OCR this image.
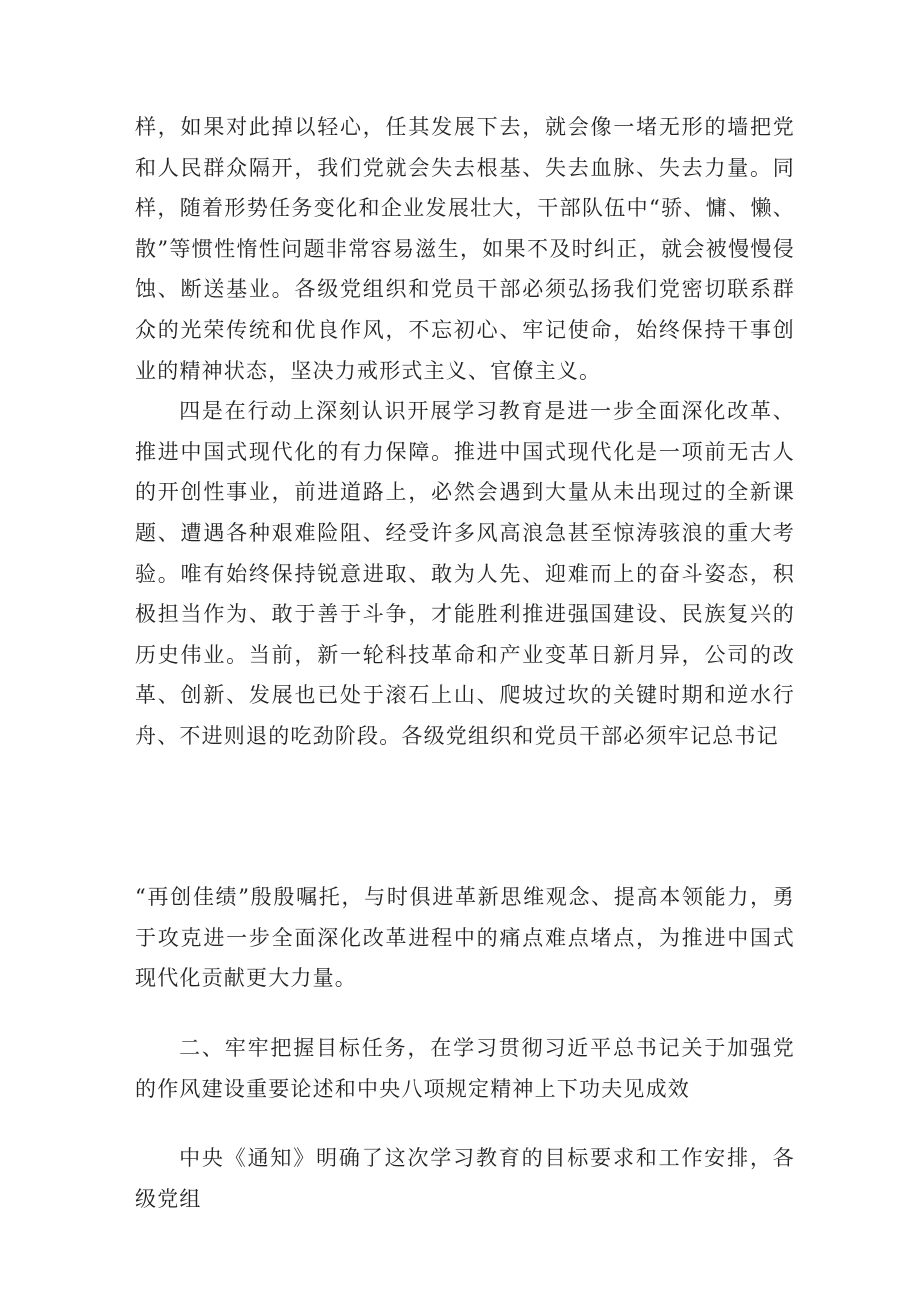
样，如果对此掉以轻心，任其发展下去，就会像一堵无形的墙把党和人民群众隔开，我们党就会失去根基、失去血脉、失去力量。同样，随着形势任务变化和企业发展壮大，干部队伍中“骄、慵、懒、散”等惯性惰性问题非常容易滋生，如果不及时纠正，就会被慢慢侵蚀、断送基业。各级党组织和党员干部必须弘扬我们党密切联系群众的光荣传统和优良作风，不忘初心、牢记使命，始终保持干事创业的精神状态，坚决力戒形式主义、官僚主义。

四是在行动上深刻认识开展学习教育是进一步全面深化改革、推进中国式现代化的有力保障。推进中国式现代化是一项前无古人的开创性事业，前进道路上，必然会遇到大量从未出现过的全新课题、遭遇各种艰难险阻、经受许多风高浪急甚至惊涛骇浪的重大考验。唯有始终保持锐意进取、敢为人先、迎难而上的奋斗姿态，积极担当作为、敢于善于斗争，才能胜利推进强国建设、民族复兴的历史伟业。当前，新一轮科技革命和产业变革日新月异，公司的改革、创新、发展也已处于滚石上山、爬坡过坎的关键时期和逆水行舟、不进则退的吃劲阶段。各级党组织和党员干部必须牢记总书记

“再创佳绩”殷殷嘱托，与时俱进革新思维观念、提高本领能力，勇于攻克进一步全面深化改革进程中的痛点难点堵点，为推进中国式现代化贡献更大力量。

二、牢牢把握目标任务，在学习贯彻习近平总书记关于加强党的作风建设重要论述和中央八项规定精神上下功夫见成效

中央《通知》明确了这次学习教育的目标要求和工作安排，各级党组
